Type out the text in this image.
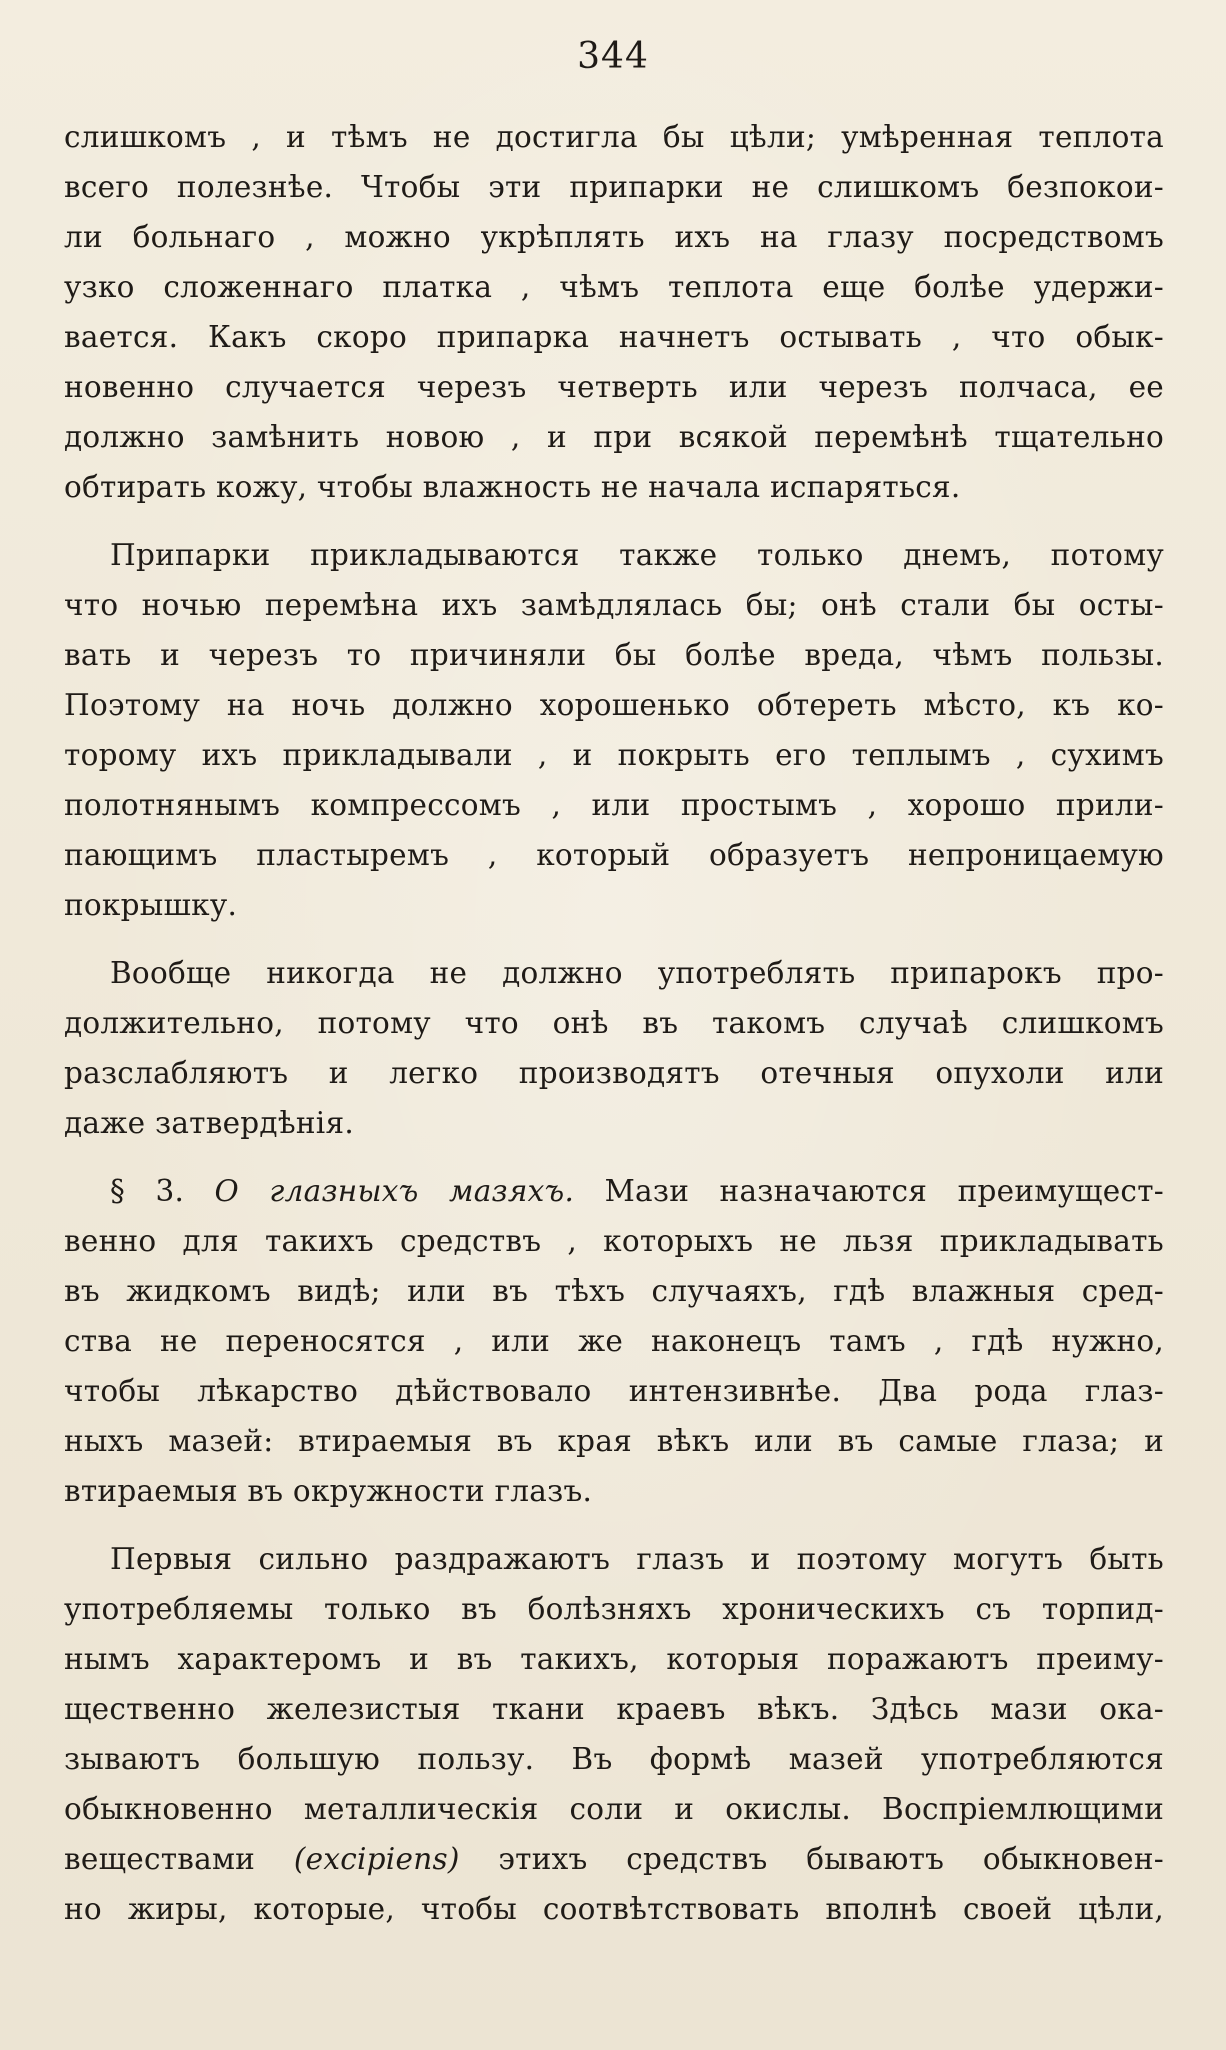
344
слишкомъ , и тѣмъ не достигла бы цѣли; умѣренная теплота
всего полезнѣе. Чтобы эти припарки не слишкомъ безпокои-
ли больнаго , можно укрѣплять ихъ на глазу посредствомъ
узко сложеннаго платка , чѣмъ теплота еще болѣе удержи-
вается. Какъ скоро припарка начнетъ остывать , что обык-
новенно случается черезъ четверть или черезъ полчаса, ее
должно замѣнить новою , и при всякой перемѣнѣ тщательно
обтирать кожу, чтобы влажность не начала испаряться.
Припарки прикладываются также только днемъ, потому
что ночью перемѣна ихъ замѣдлялась бы; онѣ стали бы осты-
вать и черезъ то причиняли бы болѣе вреда, чѣмъ пользы.
Поэтому на ночь должно хорошенько обтереть мѣсто, къ ко-
торому ихъ прикладывали , и покрыть его теплымъ , сухимъ
полотнянымъ компрессомъ , или простымъ , хорошо прили-
пающимъ пластыремъ , который образуетъ непроницаемую
покрышку.
Вообще никогда не должно употреблять припарокъ про-
должительно, потому что онѣ въ такомъ случаѣ слишкомъ
разслабляютъ и легко производятъ отечныя опухоли или
даже затвердѣнія.
§ 3. О глазныхъ мазяхъ. Мази назначаются преимущест-
венно для такихъ средствъ , которыхъ не льзя прикладывать
въ жидкомъ видѣ; или въ тѣхъ случаяхъ, гдѣ влажныя сред-
ства не переносятся , или же наконецъ тамъ , гдѣ нужно,
чтобы лѣкарство дѣйствовало интензивнѣе. Два рода глаз-
ныхъ мазей: втираемыя въ края вѣкъ или въ самые глаза; и
втираемыя въ окружности глазъ.
Первыя сильно раздражаютъ глазъ и поэтому могутъ быть
употребляемы только въ болѣзняхъ хроническихъ съ торпид-
нымъ характеромъ и въ такихъ, которыя поражаютъ преиму-
щественно железистыя ткани краевъ вѣкъ. Здѣсь мази ока-
зываютъ большую пользу. Въ формѣ мазей употребляются
обыкновенно металлическія соли и окислы. Воспріемлющими
веществами (excipiens) этихъ средствъ бываютъ обыкновен-
но жиры, которые, чтобы соотвѣтствовать вполнѣ своей цѣли,
